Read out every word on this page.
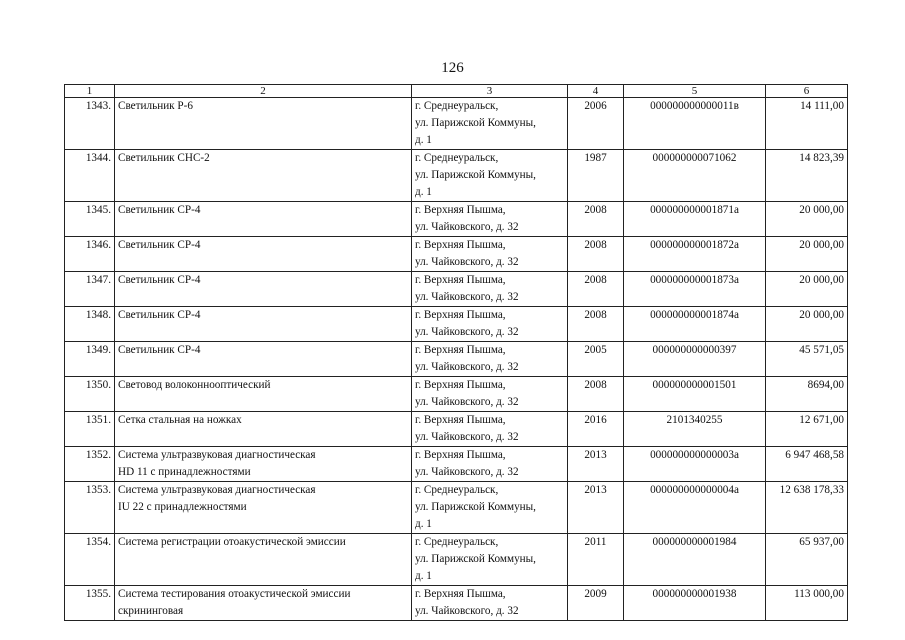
126
1	2	3	4	5	6
1343.	Светильник Р-6	г. Среднеуральск,
ул. Парижской Коммуны,
д. 1	2006	000000000000011в	14 111,00
1344.	Светильник СНС-2	г. Среднеуральск,
ул. Парижской Коммуны,
д. 1	1987	000000000071062	14 823,39
1345.	Светильник СР-4	г. Верхняя Пышма,
ул. Чайковского, д. 32	2008	000000000001871а	20 000,00
1346.	Светильник СР-4	г. Верхняя Пышма,
ул. Чайковского, д. 32	2008	000000000001872а	20 000,00
1347.	Светильник СР-4	г. Верхняя Пышма,
ул. Чайковского, д. 32	2008	000000000001873а	20 000,00
1348.	Светильник СР-4	г. Верхняя Пышма,
ул. Чайковского, д. 32	2008	000000000001874а	20 000,00
1349.	Светильник СР-4	г. Верхняя Пышма,
ул. Чайковского, д. 32	2005	000000000000397	45 571,05
1350.	Световод волоконнооптический	г. Верхняя Пышма,
ул. Чайковского, д. 32	2008	000000000001501	8694,00
1351.	Сетка стальная на ножках	г. Верхняя Пышма,
ул. Чайковского, д. 32	2016	2101340255	12 671,00
1352.	Система ультразвуковая диагностическая
HD 11 с принадлежностями	г. Верхняя Пышма,
ул. Чайковского, д. 32	2013	000000000000003а	6 947 468,58
1353.	Система ультразвуковая диагностическая
IU 22 с принадлежностями	г. Среднеуральск,
ул. Парижской Коммуны,
д. 1	2013	000000000000004а	12 638 178,33
1354.	Система регистрации отоакустической эмиссии	г. Среднеуральск,
ул. Парижской Коммуны,
д. 1	2011	000000000001984	65 937,00
1355.	Система тестирования отоакустической эмиссии
скрининговая	г. Верхняя Пышма,
ул. Чайковского, д. 32	2009	000000000001938	113 000,00
